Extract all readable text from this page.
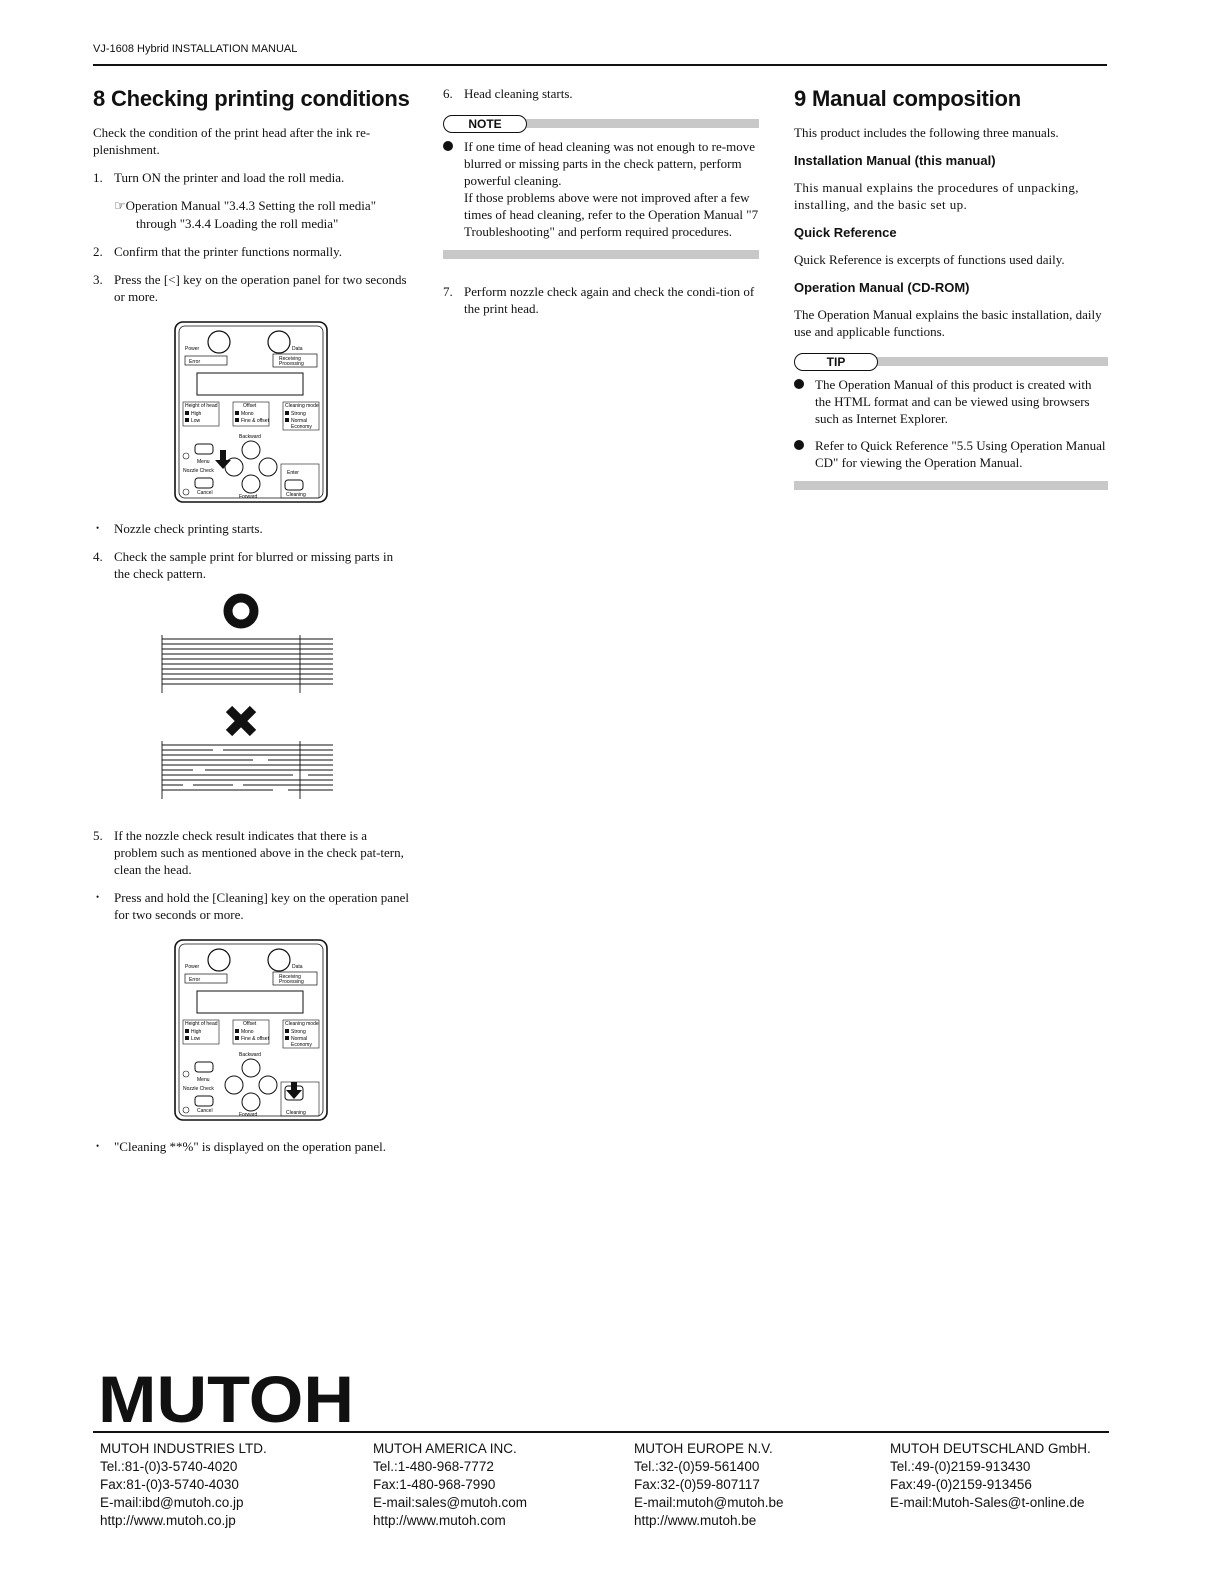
VJ-1608 Hybrid INSTALLATION MANUAL
8 Checking printing conditions

Check the condition of the print head after the ink re-plenishment.

1. Turn ON the printer and load the roll media.
☞Operation Manual "3.4.3 Setting the roll media"
through "3.4.4 Loading the roll media"
2. Confirm that the printer functions normally.
3. Press the [<] key on the operation panel for two seconds or more.
Power	Data
Error	Receiving
Processing
Height of head
High
Low
Offset
Mono
Fine & offset
Cleaning mode
Strong
Normal
Economy
Menu
Nozzle Check
Cancel
Backward
Forward
Enter
Cleaning
•	Nozzle check printing starts.
4. Check the sample print for blurred or missing parts in the check pattern.
5. If the nozzle check result indicates that there is a problem such as mentioned above in the check pat-tern, clean the head.
•	Press and hold the [Cleaning] key on the operation panel for two seconds or more.
Power	Data
Error	Receiving
Processing
Height of head
High
Low
Offset
Mono
Fine & offset
Cleaning mode
Strong
Normal
Economy
Menu
Nozzle Check
Cancel
Backward
Forward	Cleaning
•	"Cleaning **%" is displayed on the operation panel.
6. Head cleaning starts.
NOTE
If one time of head cleaning was not enough to re-move blurred or missing parts in the check pattern, perform powerful cleaning.
If those problems above were not improved after a few times of head cleaning, refer to the Operation Manual "7 Troubleshooting" and perform required procedures.
7. Perform nozzle check again and check the condi-tion of the print head.
9 Manual composition

This product includes the following three manuals.

Installation Manual (this manual)

This manual explains the procedures of unpacking, installing, and the basic set up.

Quick Reference

Quick Reference is excerpts of functions used daily.

Operation Manual (CD-ROM)

The Operation Manual explains the basic installation, daily use and applicable functions.

TIP
The Operation Manual of this product is created with the HTML format and can be viewed using browsers such as Internet Explorer.
Refer to Quick Reference "5.5 Using Operation Manual CD" for viewing the Operation Manual.
MUTOH
MUTOH INDUSTRIES LTD.
Tel.:81-(0)3-5740-4020
Fax:81-(0)3-5740-4030
E-mail:ibd@mutoh.co.jp
http://www.mutoh.co.jp
MUTOH AMERICA INC.
Tel.:1-480-968-7772
Fax:1-480-968-7990
E-mail:sales@mutoh.com
http://www.mutoh.com
MUTOH EUROPE N.V.
Tel.:32-(0)59-561400
Fax:32-(0)59-807117
E-mail:mutoh@mutoh.be
http://www.mutoh.be
MUTOH DEUTSCHLAND GmbH.
Tel.:49-(0)2159-913430
Fax:49-(0)2159-913456
E-mail:Mutoh-Sales@t-online.de
